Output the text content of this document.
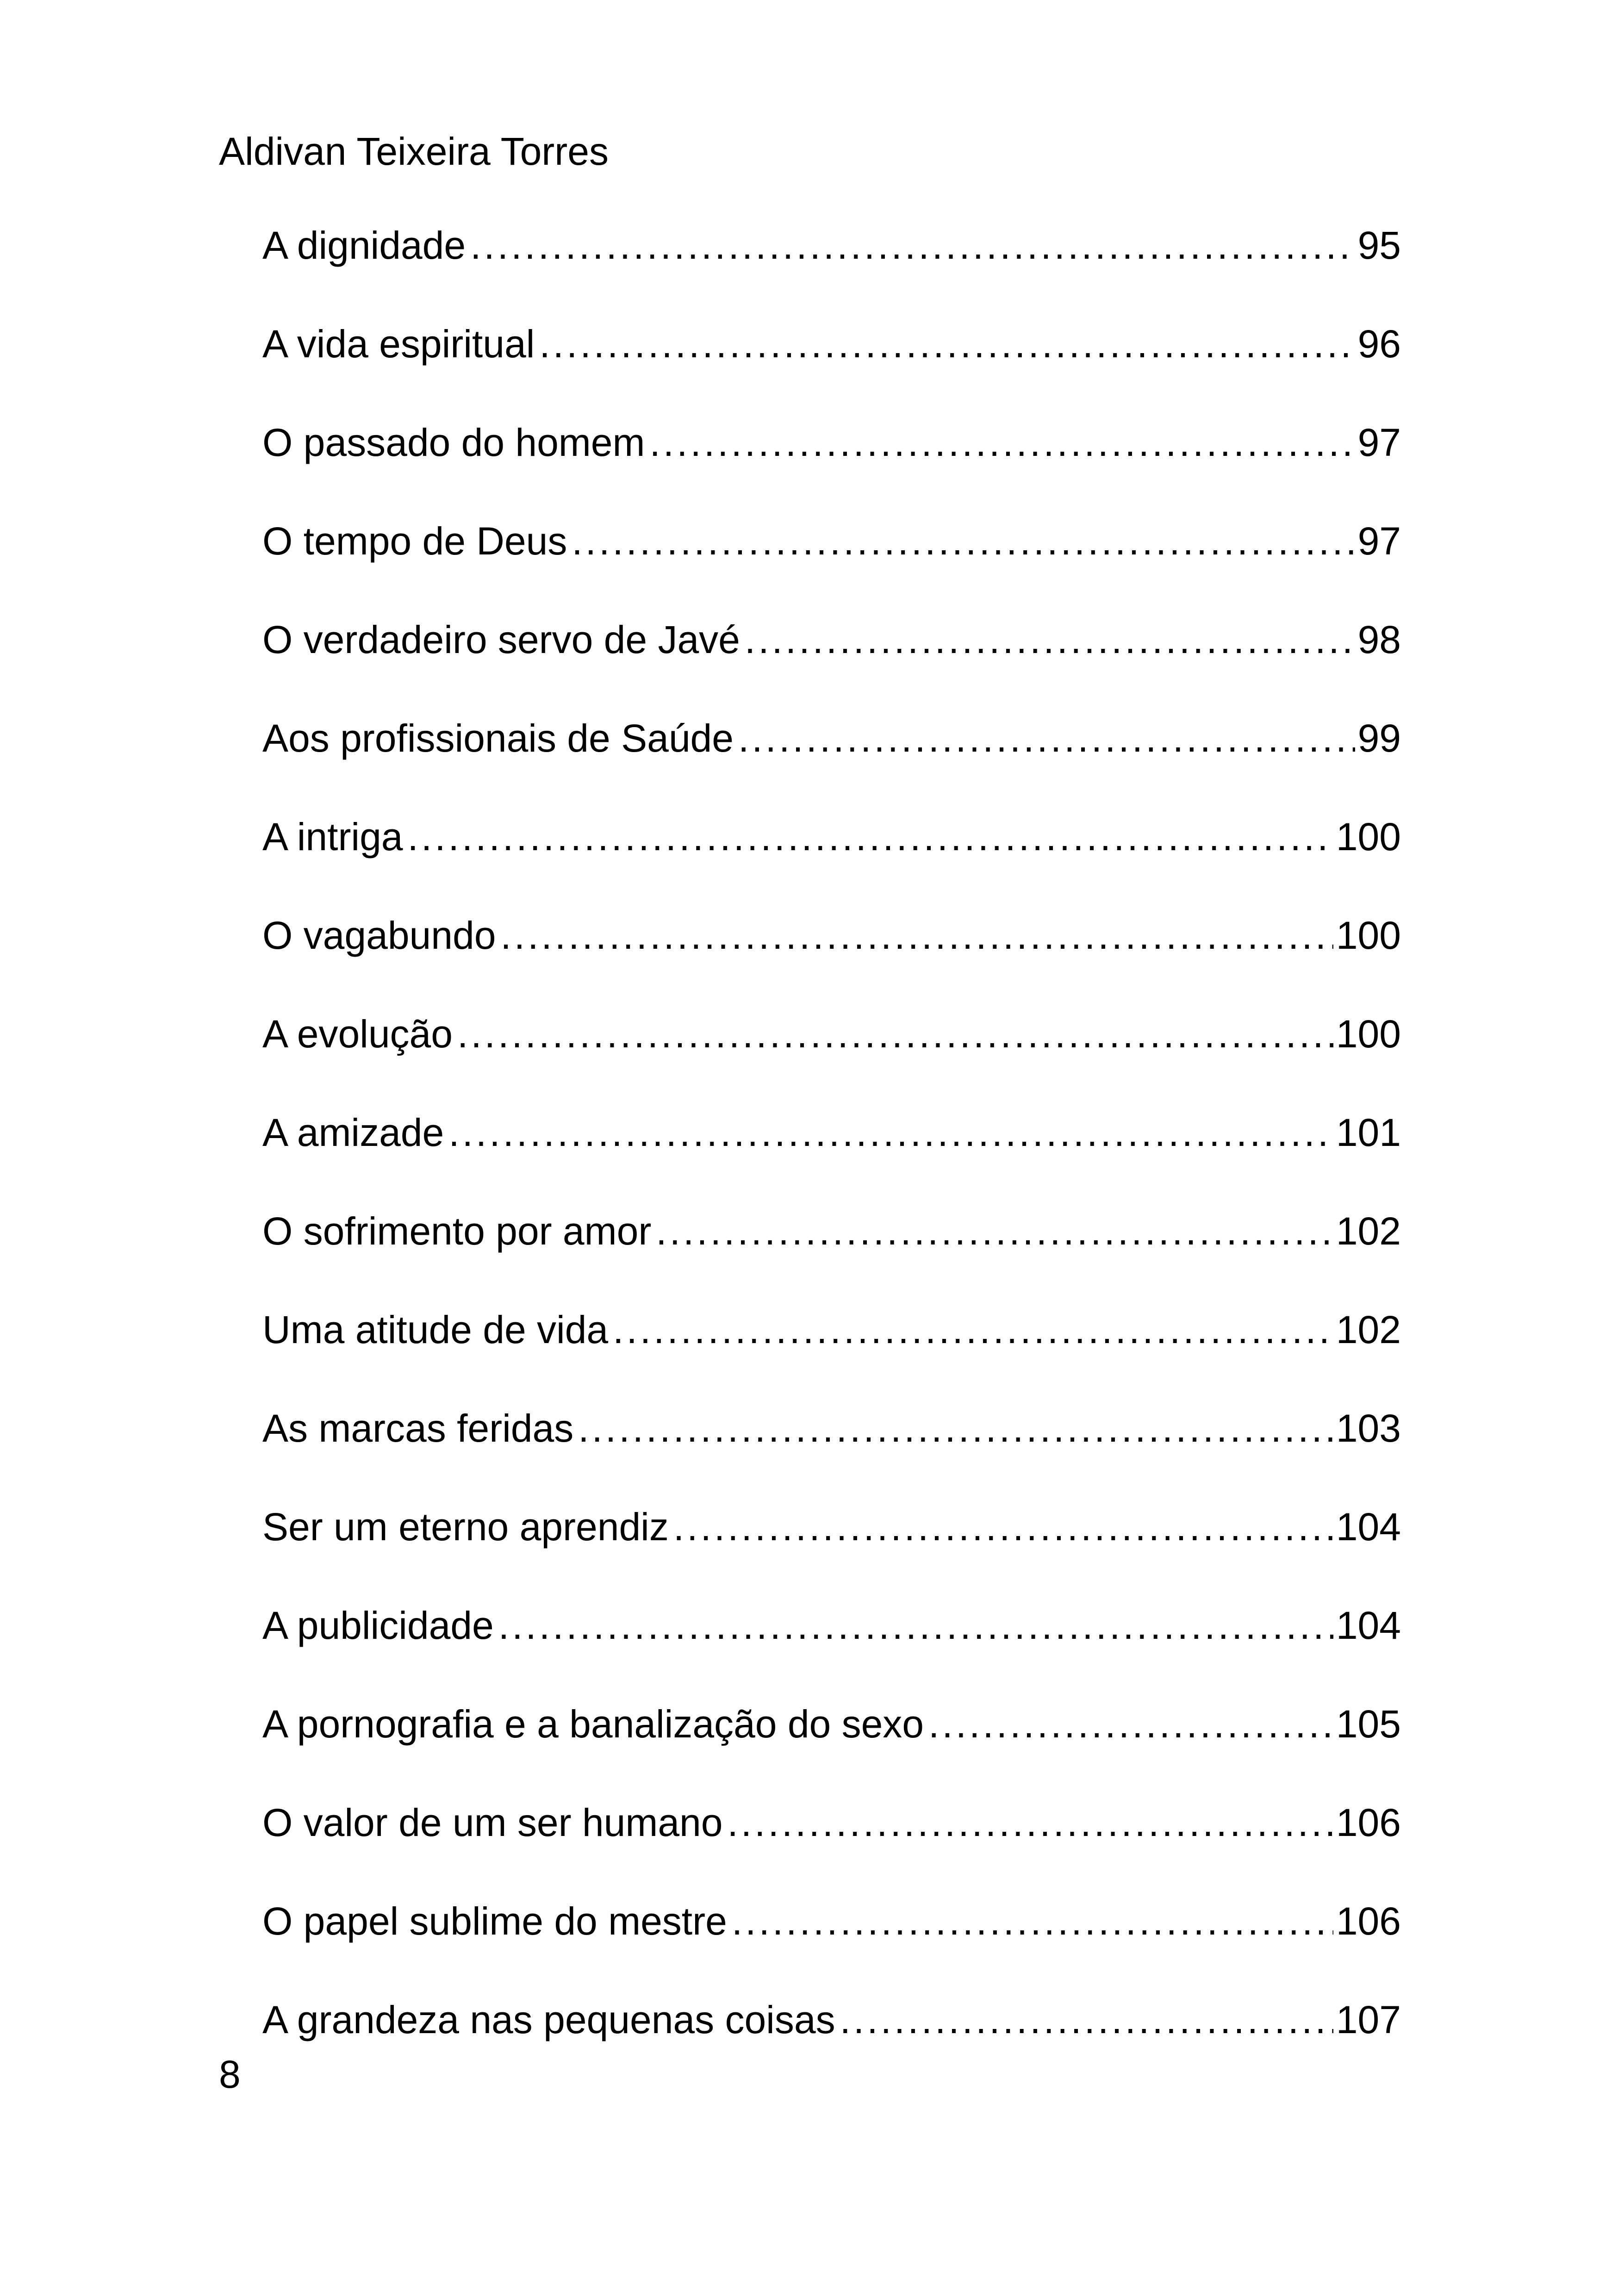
Aldivan Teixeira Torres
A dignidade .....	95
A vida espiritual .....	96
O passado do homem .....	97
O tempo de Deus .....	97
O verdadeiro servo de Javé .....	98
Aos profissionais de Saúde .....	99
A intriga .....	100
O vagabundo .....	100
A evolução .....	100
A amizade .....	101
O sofrimento por amor .....	102
Uma atitude de vida .....	102
As marcas feridas .....	103
Ser um eterno aprendiz .....	104
A publicidade .....	104
A pornografia e a banalização do sexo .....	105
O valor de um ser humano .....	106
O papel sublime do mestre .....	106
A grandeza nas pequenas coisas .....	107
8
